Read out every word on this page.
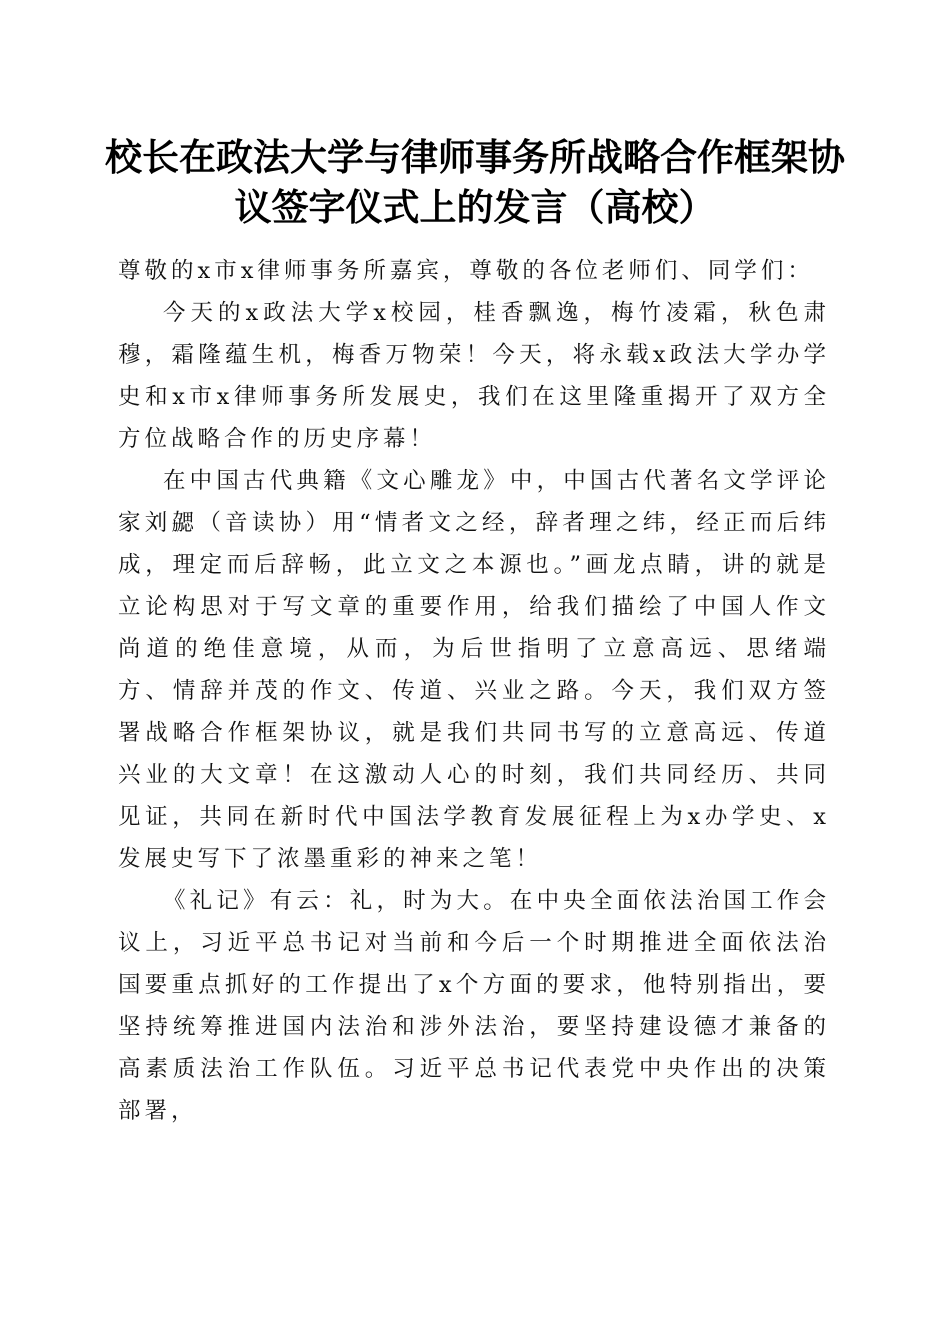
校长在政法大学与律师事务所战略合作框架协
议签字仪式上的发言（高校）

尊敬的x市x律师事务所嘉宾，尊敬的各位老师们、同学们：

今天的x政法大学x校园，桂香飘逸，梅竹凌霜，秋色肃穆，霜隆蕴生机，梅香万物荣！今天，将永载x政法大学办学史和x市x律师事务所发展史，我们在这里隆重揭开了双方全方位战略合作的历史序幕！

在中国古代典籍《文心雕龙》中，中国古代著名文学评论家刘勰（音读协）用“情者文之经，辞者理之纬，经正而后纬成，理定而后辞畅，此立文之本源也。”画龙点睛，讲的就是立论构思对于写文章的重要作用，给我们描绘了中国人作文尚道的绝佳意境，从而，为后世指明了立意高远、思绪端方、情辞并茂的作文、传道、兴业之路。今天，我们双方签署战略合作框架协议，就是我们共同书写的立意高远、传道兴业的大文章！在这激动人心的时刻，我们共同经历、共同见证，共同在新时代中国法学教育发展征程上为x办学史、x发展史写下了浓墨重彩的神来之笔！

《礼记》有云：礼，时为大。在中央全面依法治国工作会议上，习近平总书记对当前和今后一个时期推进全面依法治国要重点抓好的工作提出了x个方面的要求，他特别指出，要坚持统筹推进国内法治和涉外法治，要坚持建设德才兼备的高素质法治工作队伍。习近平总书记代表党中央作出的决策部署，
